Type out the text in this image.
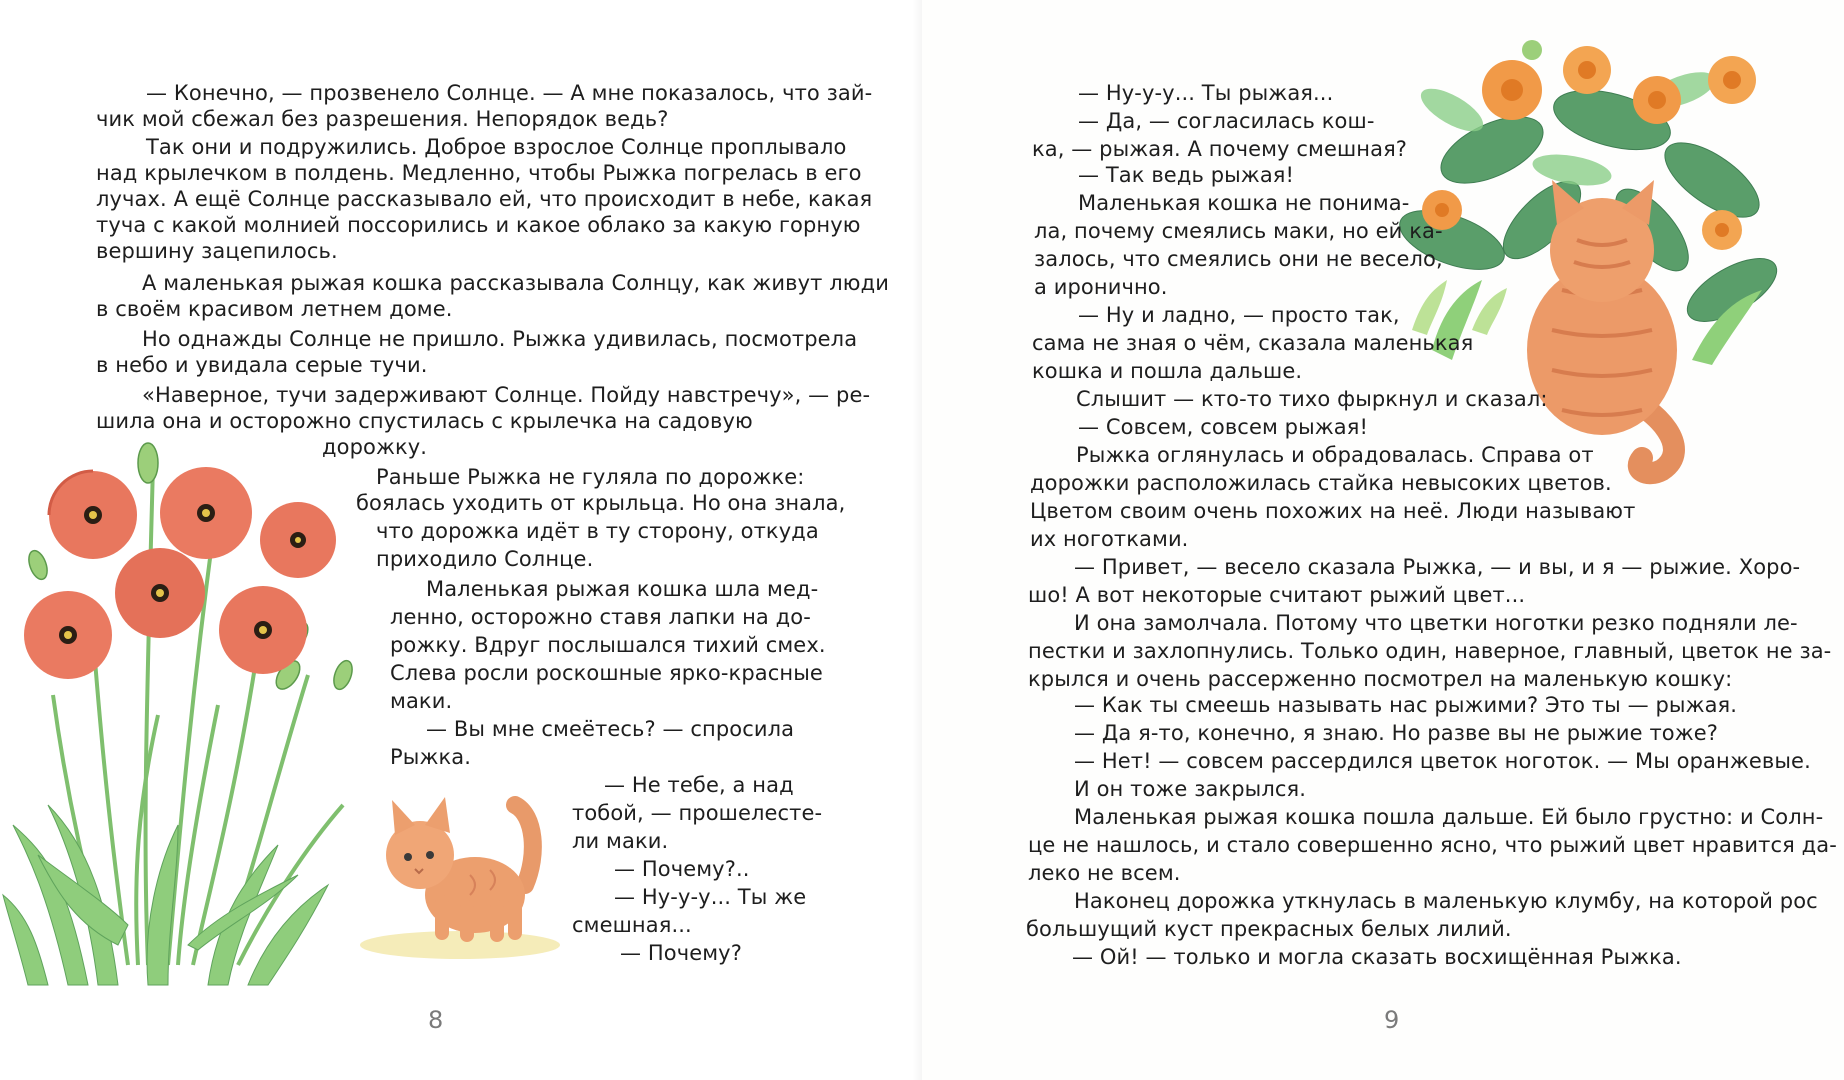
— Конечно, — прозвенело Солнце. — А мне показалось, что зай-
чик мой сбежал без разрешения. Непорядок ведь?
Так они и подружились. Доброе взрослое Солнце проплывало
над крылечком в полдень. Медленно, чтобы Рыжка погрелась в его
лучах. А ещё Солнце рассказывало ей, что происходит в небе, какая
туча с какой молнией поссорились и какое облако за какую горную
вершину зацепилось.
А маленькая рыжая кошка рассказывала Солнцу, как живут люди
в своём красивом летнем доме.
Но однажды Солнце не пришло. Рыжка удивилась, посмотрела
в небо и увидала серые тучи.
«Наверное, тучи задерживают Солнце. Пойду навстречу», — ре-
шила она и осторожно спустилась с крылечка на садовую
дорожку.
Раньше Рыжка не гуляла по дорожке:
боялась уходить от крыльца. Но она знала,
что дорожка идёт в ту сторону, откуда
приходило Солнце.
Маленькая рыжая кошка шла мед-
ленно, осторожно ставя лапки на до-
рожку. Вдруг послышался тихий смех.
Слева росли роскошные ярко-красные
маки.
— Вы мне смеётесь? — спросила
Рыжка.
— Не тебе, а над
тобой, — прошелесте-
ли маки.
— Почему?..
— Ну-у-у... Ты же
смешная...
— Почему?
8
— Ну-у-у... Ты рыжая...
— Да, — согласилась кош-
ка, — рыжая. А почему смешная?
— Так ведь рыжая!
Маленькая кошка не понима-
ла, почему смеялись маки, но ей ка-
залось, что смеялись они не весело,
а иронично.
— Ну и ладно, — просто так,
сама не зная о чём, сказала маленькая
кошка и пошла дальше.
Слышит — кто-то тихо фыркнул и сказал:
— Совсем, совсем рыжая!
Рыжка оглянулась и обрадовалась. Справа от
дорожки расположилась стайка невысоких цветов.
Цветом своим очень похожих на неё. Люди называют
их ноготками.
— Привет, — весело сказала Рыжка, — и вы, и я — рыжие. Хоро-
шо! А вот некоторые считают рыжий цвет...
И она замолчала. Потому что цветки ноготки резко подняли ле-
пестки и захлопнулись. Только один, наверное, главный, цветок не за-
крылся и очень рассерженно посмотрел на маленькую кошку:
— Как ты смеешь называть нас рыжими? Это ты — рыжая.
— Да я-то, конечно, я знаю. Но разве вы не рыжие тоже?
— Нет! — совсем рассердился цветок ноготок. — Мы оранжевые.
И он тоже закрылся.
Маленькая рыжая кошка пошла дальше. Ей было грустно: и Солн-
це не нашлось, и стало совершенно ясно, что рыжий цвет нравится да-
леко не всем.
Наконец дорожка уткнулась в маленькую клумбу, на которой рос
большущий куст прекрасных белых лилий.
— Ой! — только и могла сказать восхищённая Рыжка.
9
